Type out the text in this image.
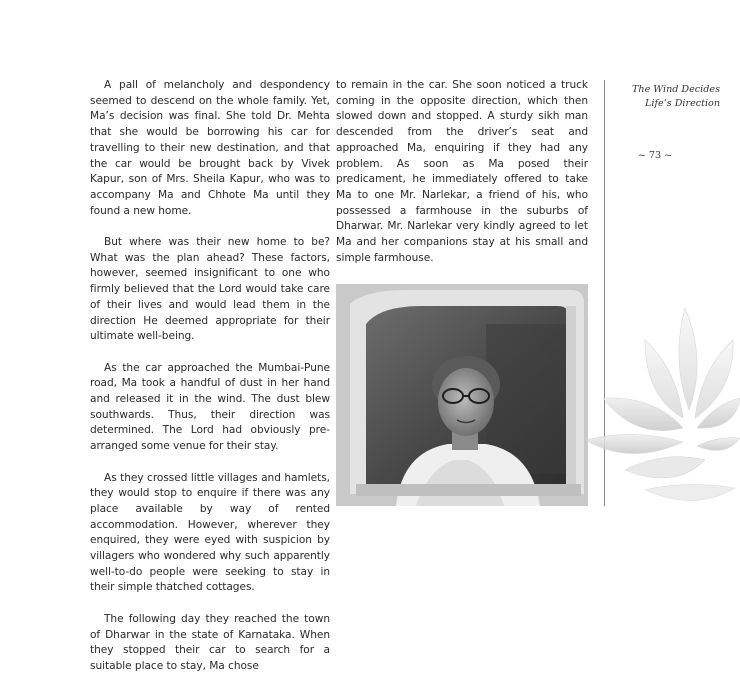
A pall of melancholy and despondency seemed to descend on the whole family. Yet, Ma’s decision was final. She told Dr. Mehta that she would be borrowing his car for travelling to their new destination, and that the car would be brought back by Vivek Kapur, son of Mrs. Sheila Kapur, who was to accompany Ma and Chhote Ma until they found a new home.

But where was their new home to be? What was the plan ahead? These factors, however, seemed insignificant to one who firmly believed that the Lord would take care of their lives and would lead them in the direction He deemed appropriate for their ultimate well-being.

As the car approached the Mumbai-Pune road, Ma took a handful of dust in her hand and released it in the wind. The dust blew southwards. Thus, their direction was determined. The Lord had obviously pre-arranged some venue for their stay.

As they crossed little villages and hamlets, they would stop to enquire if there was any place available by way of rented accommodation. However, wherever they enquired, they were eyed with suspicion by villagers who wondered why such apparently well-to-do people were seeking to stay in their simple thatched cottages.

The following day they reached the town of Dharwar in the state of Karnataka. When they stopped their car to search for a suitable place to stay, Ma chose

to remain in the car. She soon noticed a truck coming in the opposite direction, which then slowed down and stopped. A sturdy sikh man descended from the driver’s seat and approached Ma, enquiring if they had any problem. As soon as Ma posed their predicament, he immediately offered to take Ma to one Mr. Narlekar, a friend of his, who possessed a farmhouse in the suburbs of Dharwar. Mr. Narlekar very kindly agreed to let Ma and her companions stay at his small and simple farmhouse.

The Wind Decides
Life’s Direction
~ 73 ~
